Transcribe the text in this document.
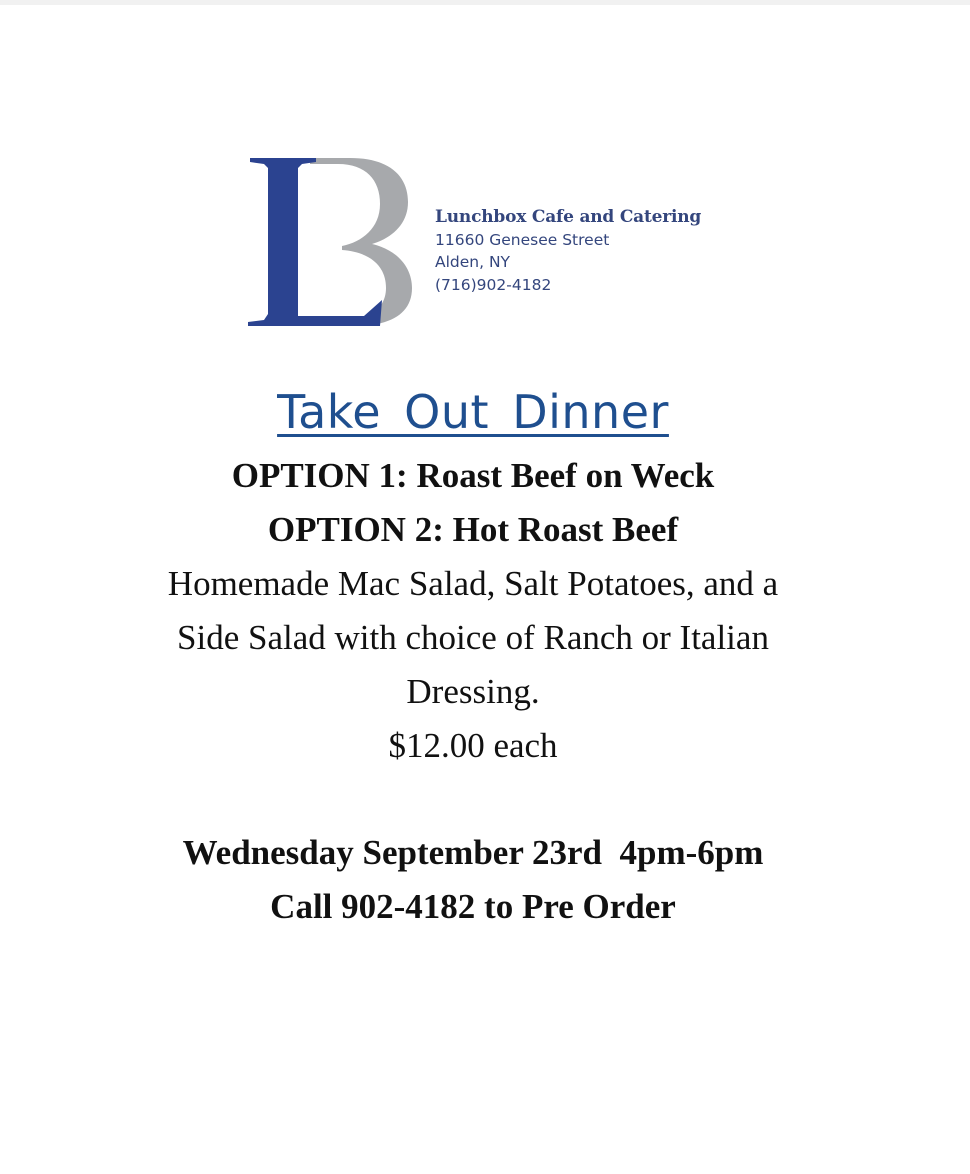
Lunchbox Cafe and Catering
11660 Genesee Street
Alden, NY
(716)902-4182
Take Out Dinner
OPTION 1: Roast Beef on Weck
OPTION 2: Hot Roast Beef
Homemade Mac Salad, Salt Potatoes, and a
Side Salad with choice of Ranch or Italian
Dressing.
$12.00 each
Wednesday September 23rd  4pm-6pm
Call 902-4182 to Pre Order
